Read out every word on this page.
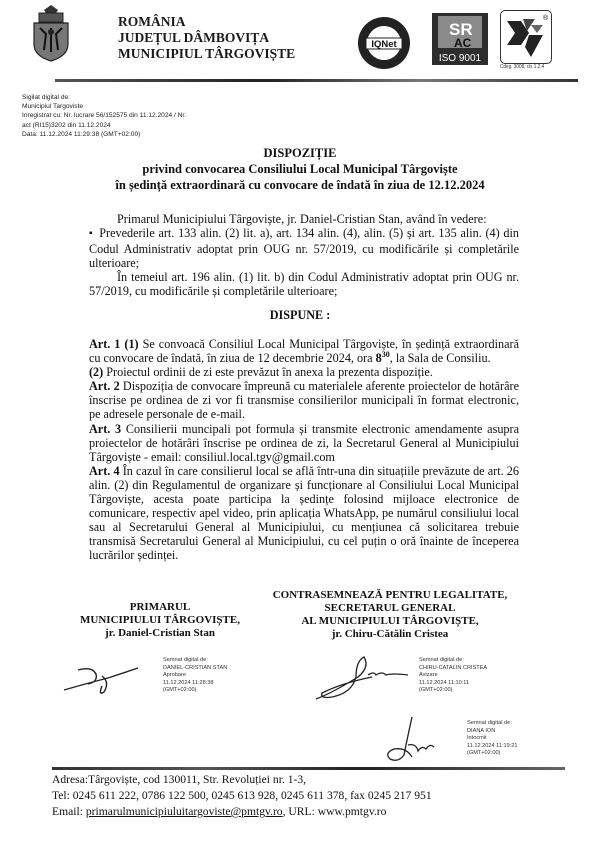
ROMÂNIA
JUDEȚUL DÂMBOVIȚA
MUNICIPIUL TÂRGOVIȘTE
IQNet
SR
AC
ISO 9001
®
Cdeg. 3008, cls 1,2,4
Sigilat digital de:
Municipiul Targoviste
Inregistrat cu: Nr. lucrare 56/152575 din 11.12.2024 / Nr.
act (RI15)3202 din 11.12.2024
Data: 11.12.2024 11:29:38 (GMT+02:00)
DISPOZIȚIE
privind convocarea Consiliului Local Municipal Târgoviște
în ședință extraordinară cu convocare de îndată în ziua de 12.12.2024
Primarul Municipiului Târgoviște, jr. Daniel-Cristian Stan, având în vedere:
▪ Prevederile art. 133 alin. (2) lit. a), art. 134 alin. (4), alin. (5) și art. 135 alin. (4) din Codul Administrativ adoptat prin OUG nr. 57/2019, cu modificările și completările ulterioare;
În temeiul art. 196 alin. (1) lit. b) din Codul Administrativ adoptat prin OUG nr. 57/2019, cu modificările și completările ulterioare;
DISPUNE :
Art. 1 (1) Se convoacă Consiliul Local Municipal Târgoviște, în ședință extraordinară cu convocare de îndată, în ziua de 12 decembrie 2024, ora $8^{30}$, la Sala de Consiliu.
(2) Proiectul ordinii de zi este prevăzut în anexa la prezenta dispoziție.
Art. 2 Dispoziția de convocare împreună cu materialele aferente proiectelor de hotărâre înscrise pe ordinea de zi vor fi transmise consilierilor municipali în format electronic, pe adresele personale de e-mail.
Art. 3 Consilierii muncipali pot formula și transmite electronic amendamente asupra proiectelor de hotărâri înscrise pe ordinea de zi, la Secretarul General al Municipiului Târgoviște - email: consiliul.local.tgv@gmail.com
Art. 4 În cazul în care consilierul local se află într-una din situațiile prevăzute de art. 26 alin. (2) din Regulamentul de organizare și funcționare al Consiliului Local Municipal Târgoviște, acesta poate participa la ședințe folosind mijloace electronice de comunicare, respectiv apel video, prin aplicația WhatsApp, pe numărul consiliului local sau al Secretarului General al Municipiului, cu mențiunea că solicitarea trebuie transmisă Secretarului General al Municipiului, cu cel puțin o oră înainte de începerea lucrărilor ședinței.
PRIMARUL
MUNICIPIULUI TÂRGOVIȘTE,
jr. Daniel-Cristian Stan
CONTRASEMNEAZĂ PENTRU LEGALITATE,
SECRETARUL GENERAL
AL MUNICIPIULUI TÂRGOVIȘTE,
jr. Chiru-Cătălin Cristea
Semnat digital de:
DANIEL-CRISTIAN STAN
Aprobare
11.12.2024 11:28:38
(GMT+02:00)
Semnat digital de:
CHIRU-CATALIN CRISTEA
Avizare
11.12.2024 11:10:11
(GMT+02:00)
Semnat digital de:
DIANA ION
Intocmit
11.12.2024 11:19:21
(GMT+02:00)
Adresa:Târgoviște, cod 130011, Str. Revoluției nr. 1-3,
Tel: 0245 611 222, 0786 122 500, 0245 613 928, 0245 611 378, fax 0245 217 951
Email: primarulmunicipiuluitargoviste@pmtgv.ro, URL: www.pmtgv.ro
